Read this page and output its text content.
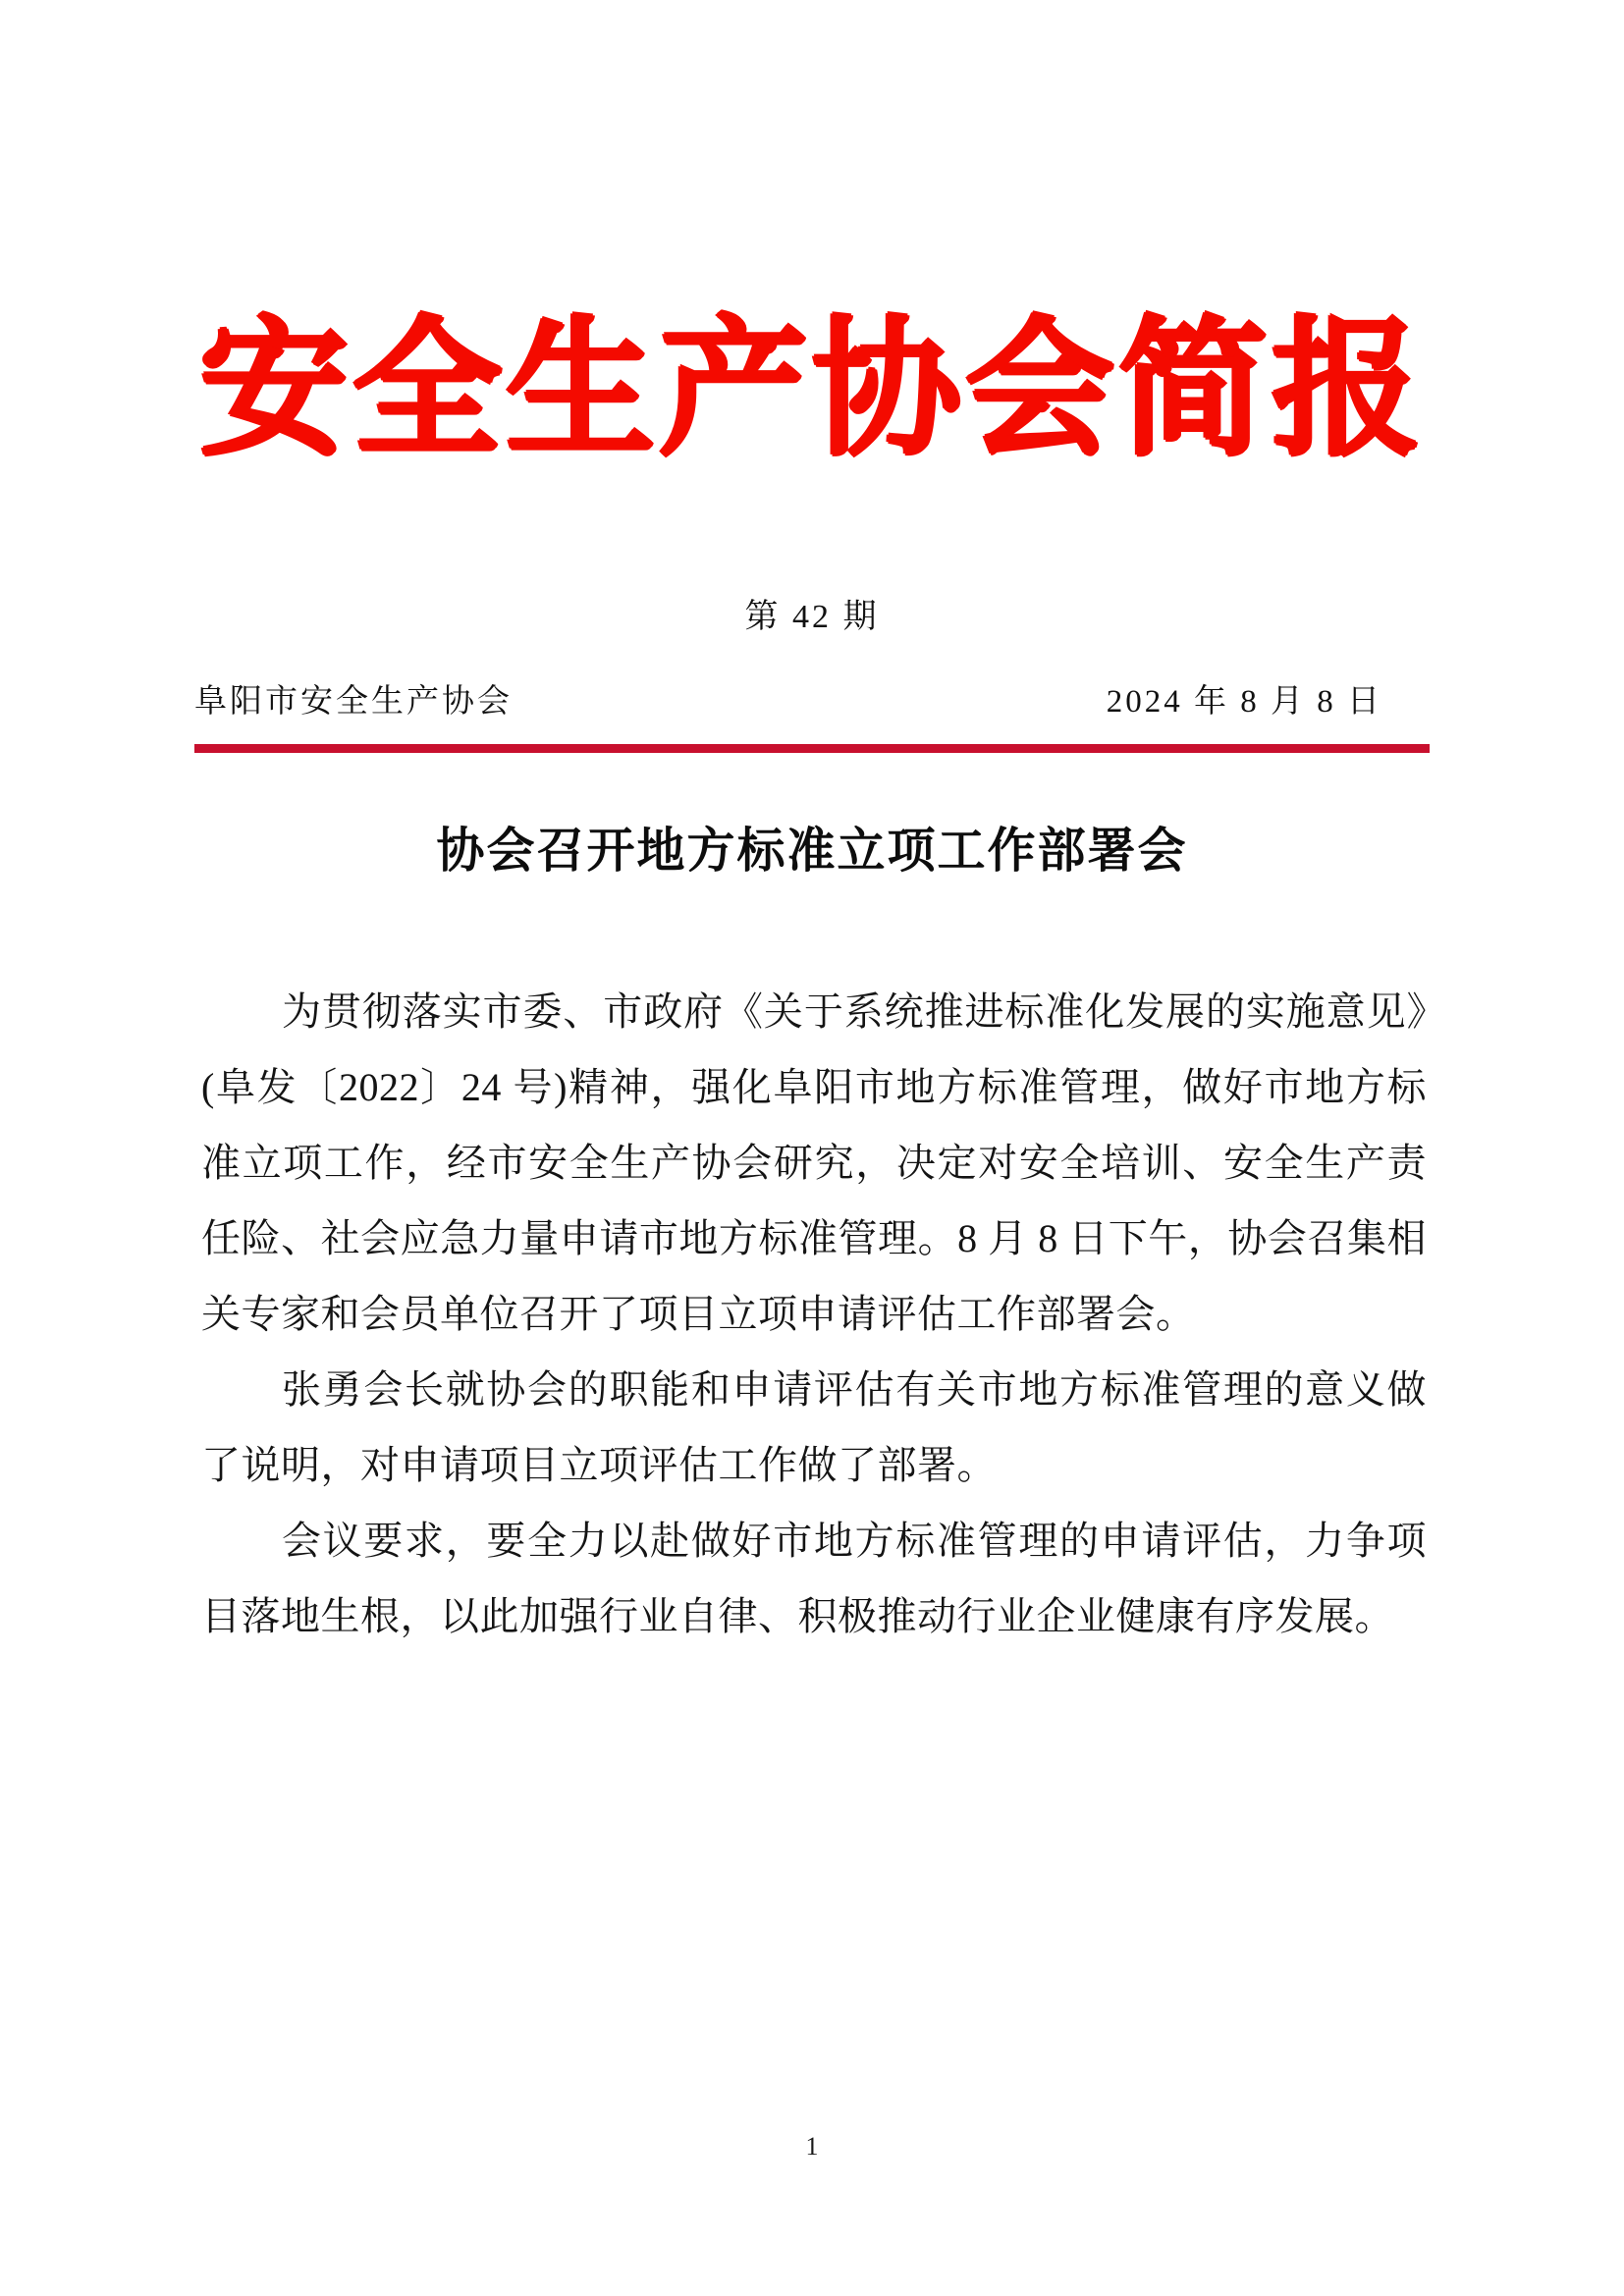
安全生产协会简报
第 42 期
阜阳市安全生产协会	2024 年 8 月 8 日
协会召开地方标准立项工作部署会

为贯彻落实市委、市政府《关于系统推进标准化发展的实施意见》(阜发〔2022〕24 号)精神，强化阜阳市地方标准管理，做好市地方标准立项工作，经市安全生产协会研究，决定对安全培训、安全生产责任险、社会应急力量申请市地方标准管理。8 月 8 日下午，协会召集相关专家和会员单位召开了项目立项申请评估工作部署会。

张勇会长就协会的职能和申请评估有关市地方标准管理的意义做了说明，对申请项目立项评估工作做了部署。

会议要求，要全力以赴做好市地方标准管理的申请评估，力争项目落地生根，以此加强行业自律、积极推动行业企业健康有序发展。

1
